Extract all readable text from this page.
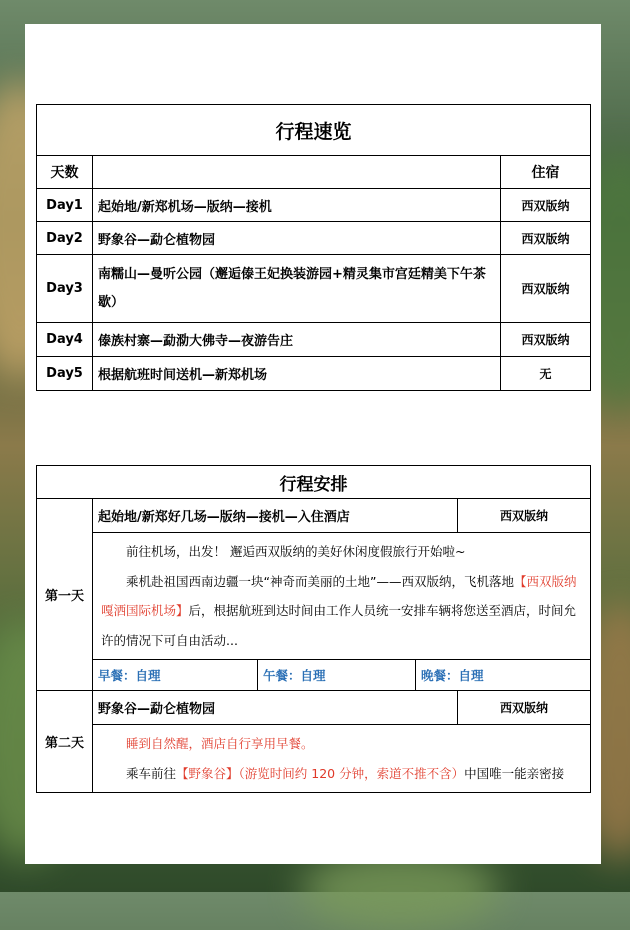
行程速览		
天数		住宿
Day1	起始地/新郑机场—版纳—接机	西双版纳
Day2	野象谷—勐仑植物园	西双版纳
Day3	南糯山—曼听公园（邂逅傣王妃换装游园+精灵集市宫廷精美下午茶歇）	西双版纳
Day4	傣族村寨—勐泐大佛寺—夜游告庄	西双版纳
Day5	根据航班时间送机—新郑机场	无
行程安排				
第一天	起始地/新郑好几场—版纳—接机—入住酒店			西双版纳

	前往机场，出发！ 邂逅西双版纳的美好休闲度假旅行开始啦~

乘机赴祖国西南边疆一块“神奇而美丽的土地”——西双版纳，飞机落地【西双版纳嘎洒国际机场】后，根据航班到达时间由工作人员统一安排车辆将您送至酒店，时间允许的情况下可自由活动...			

	早餐：自理	午餐：自理	晚餐：自理	
第二天	野象谷—勐仑植物园			西双版纳

	睡到自然醒，酒店自行享用早餐。

乘车前往【野象谷】（游览时间约 120 分钟，索道不推不含）中国唯一能亲密接			
